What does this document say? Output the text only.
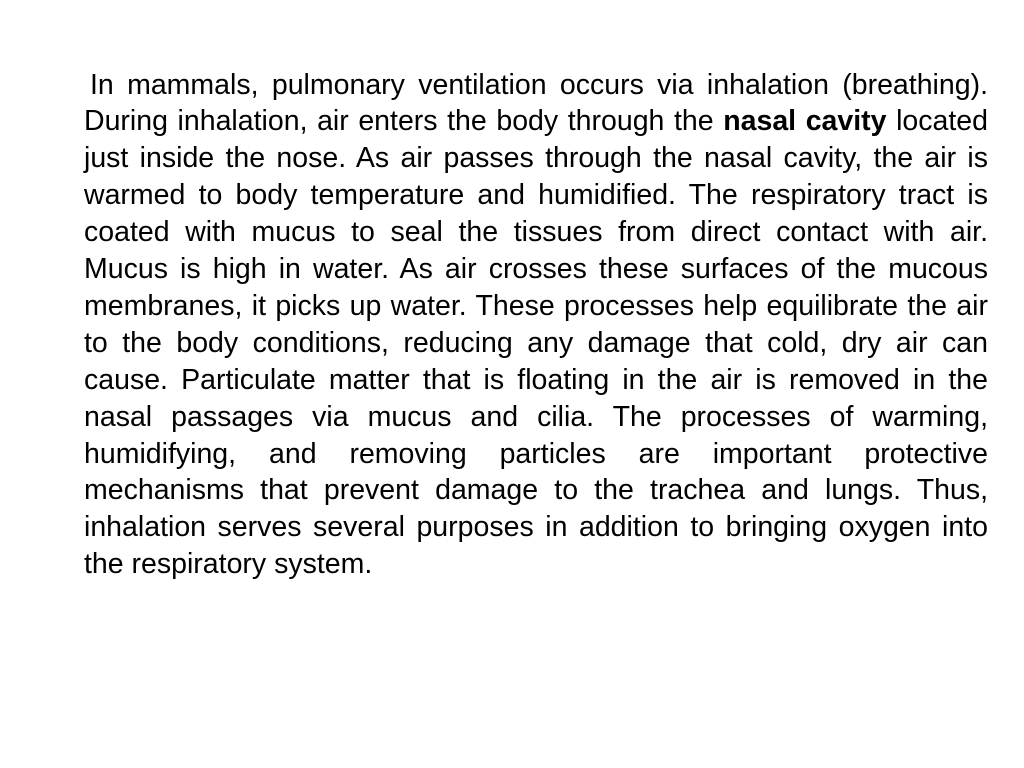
In mammals, pulmonary ventilation occurs via inhalation (breathing). During inhalation, air enters the body through the nasal cavity located just inside the nose. As air passes through the nasal cavity, the air is warmed to body temperature and humidified. The respiratory tract is coated with mucus to seal the tissues from direct contact with air. Mucus is high in water. As air crosses these surfaces of the mucous membranes, it picks up water. These processes help equilibrate the air to the body conditions, reducing any damage that cold, dry air can cause. Particulate matter that is floating in the air is removed in the nasal passages via mucus and cilia. The processes of warming, humidifying, and removing particles are important protective mechanisms that prevent damage to the trachea and lungs. Thus, inhalation serves several purposes in addition to bringing oxygen into the respiratory system.
